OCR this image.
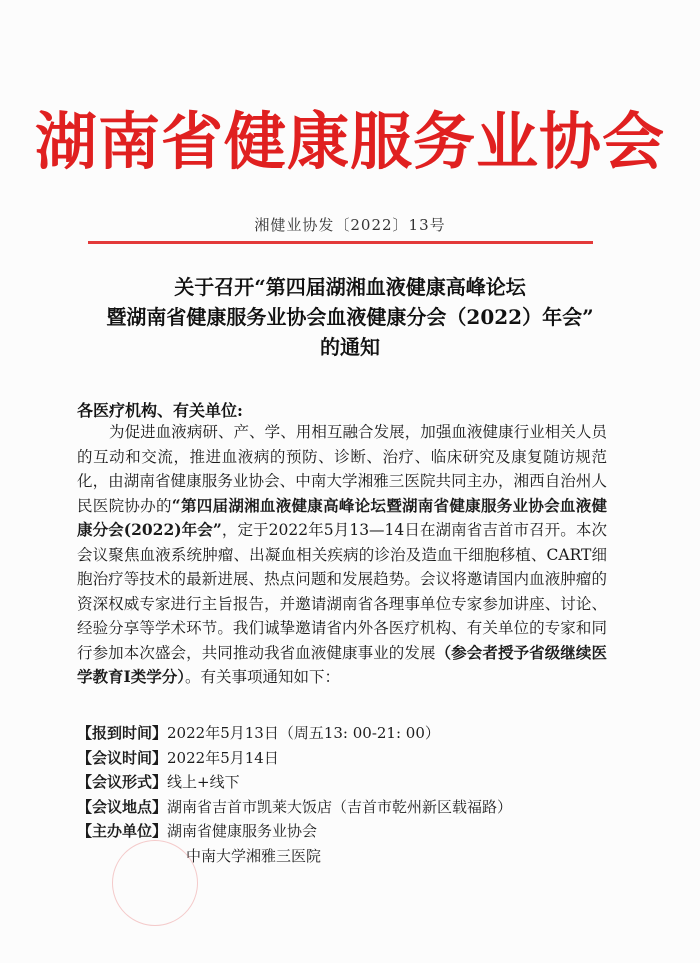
湖南省健康服务业协会
湘健业协发〔2022〕13号
关于召开“第四届湖湘血液健康高峰论坛
暨湖南省健康服务业协会血液健康分会（2022）年会”
的通知
各医疗机构、有关单位:
为促进血液病研、产、学、用相互融合发展，加强血液健康行业相关人员的互动和交流，推进血液病的预防、诊断、治疗、临床研究及康复随访规范化，由湖南省健康服务业协会、中南大学湘雅三医院共同主办，湘西自治州人民医院协办的“第四届湖湘血液健康高峰论坛暨湖南省健康服务业协会血液健康分会(2022)年会”，定于2022年5月13—14日在湖南省吉首市召开。本次会议聚焦血液系统肿瘤、出凝血相关疾病的诊治及造血干细胞移植、CART细胞治疗等技术的最新进展、热点问题和发展趋势。会议将邀请国内血液肿瘤的资深权威专家进行主旨报告，并邀请湖南省各理事单位专家参加讲座、讨论、经验分享等学术环节。我们诚挚邀请省内外各医疗机构、有关单位的专家和同行参加本次盛会，共同推动我省血液健康事业的发展（参会者授予省级继续医学教育Ⅰ类学分）。有关事项通知如下：
【报到时间】2022年5月13日（周五13: 00-21: 00）
【会议时间】2022年5月14日
【会议形式】线上+线下
【会议地点】湖南省吉首市凯莱大饭店（吉首市乾州新区载福路）
【主办单位】湖南省健康服务业协会
中南大学湘雅三医院
